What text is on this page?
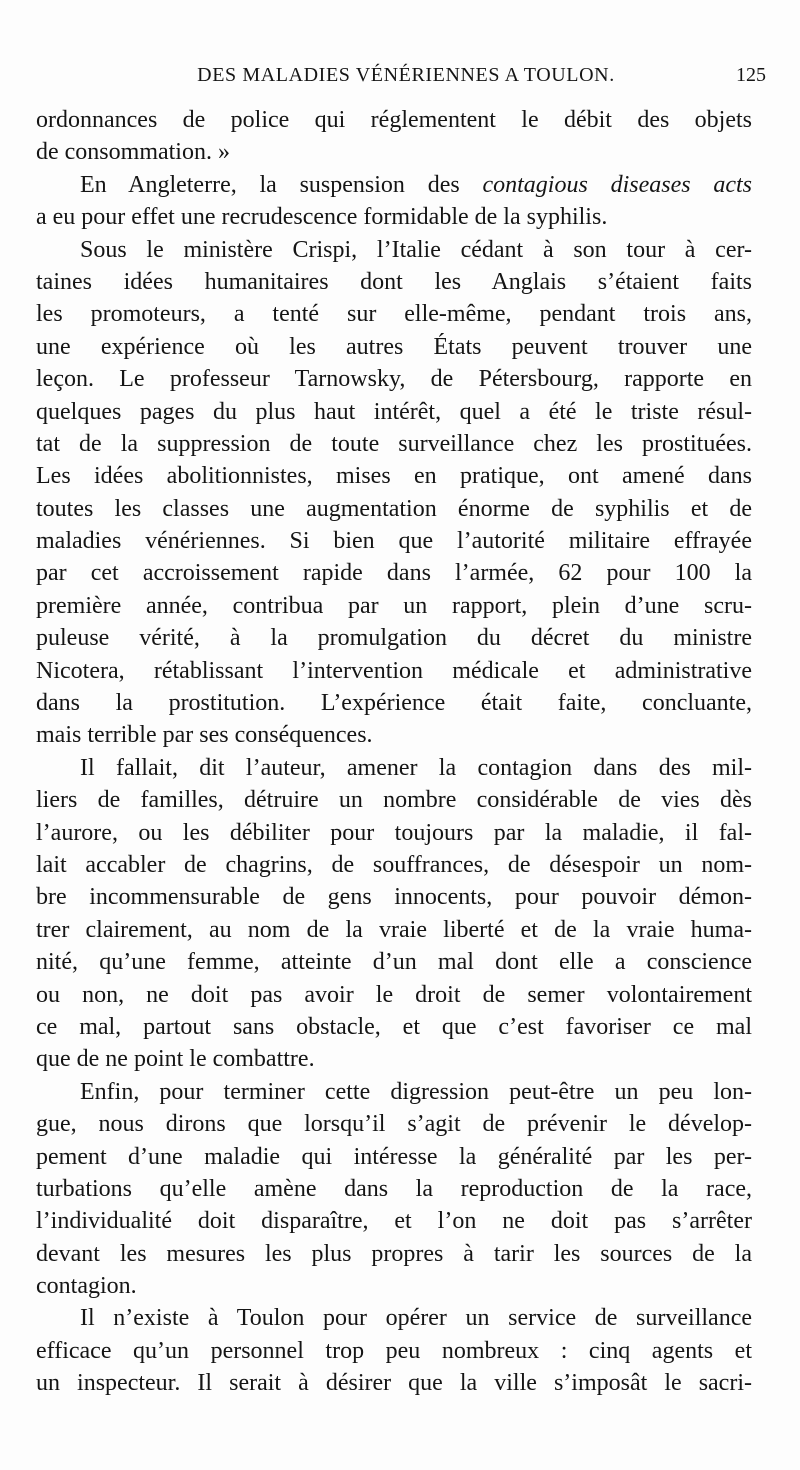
DES MALADIES VÉNÉRIENNES A TOULON.	125
ordonnances de police qui réglementent le débit des objets
de consommation. »
En Angleterre, la suspension des contagious diseases acts
a eu pour effet une recrudescence formidable de la syphilis.
Sous le ministère Crispi, l’Italie cédant à son tour à cer-
taines idées humanitaires dont les Anglais s’étaient faits
les promoteurs, a tenté sur elle-même, pendant trois ans,
une expérience où les autres États peuvent trouver une
leçon. Le professeur Tarnowsky, de Pétersbourg, rapporte en
quelques pages du plus haut intérêt, quel a été le triste résul-
tat de la suppression de toute surveillance chez les prostituées.
Les idées abolitionnistes, mises en pratique, ont amené dans
toutes les classes une augmentation énorme de syphilis et de
maladies vénériennes. Si bien que l’autorité militaire effrayée
par cet accroissement rapide dans l’armée, 62 pour 100 la
première année, contribua par un rapport, plein d’une scru-
puleuse vérité, à la promulgation du décret du ministre
Nicotera, rétablissant l’intervention médicale et administrative
dans la prostitution. L’expérience était faite, concluante,
mais terrible par ses conséquences.
Il fallait, dit l’auteur, amener la contagion dans des mil-
liers de familles, détruire un nombre considérable de vies dès
l’aurore, ou les débiliter pour toujours par la maladie, il fal-
lait accabler de chagrins, de souffrances, de désespoir un nom-
bre incommensurable de gens innocents, pour pouvoir démon-
trer clairement, au nom de la vraie liberté et de la vraie huma-
nité, qu’une femme, atteinte d’un mal dont elle a conscience
ou non, ne doit pas avoir le droit de semer volontairement
ce mal, partout sans obstacle, et que c’est favoriser ce mal
que de ne point le combattre.
Enfin, pour terminer cette digression peut-être un peu lon-
gue, nous dirons que lorsqu’il s’agit de prévenir le dévelop-
pement d’une maladie qui intéresse la généralité par les per-
turbations qu’elle amène dans la reproduction de la race,
l’individualité doit disparaître, et l’on ne doit pas s’arrêter
devant les mesures les plus propres à tarir les sources de la
contagion.
Il n’existe à Toulon pour opérer un service de surveillance
efficace qu’un personnel trop peu nombreux : cinq agents et
un inspecteur. Il serait à désirer que la ville s’imposât le sacri-
